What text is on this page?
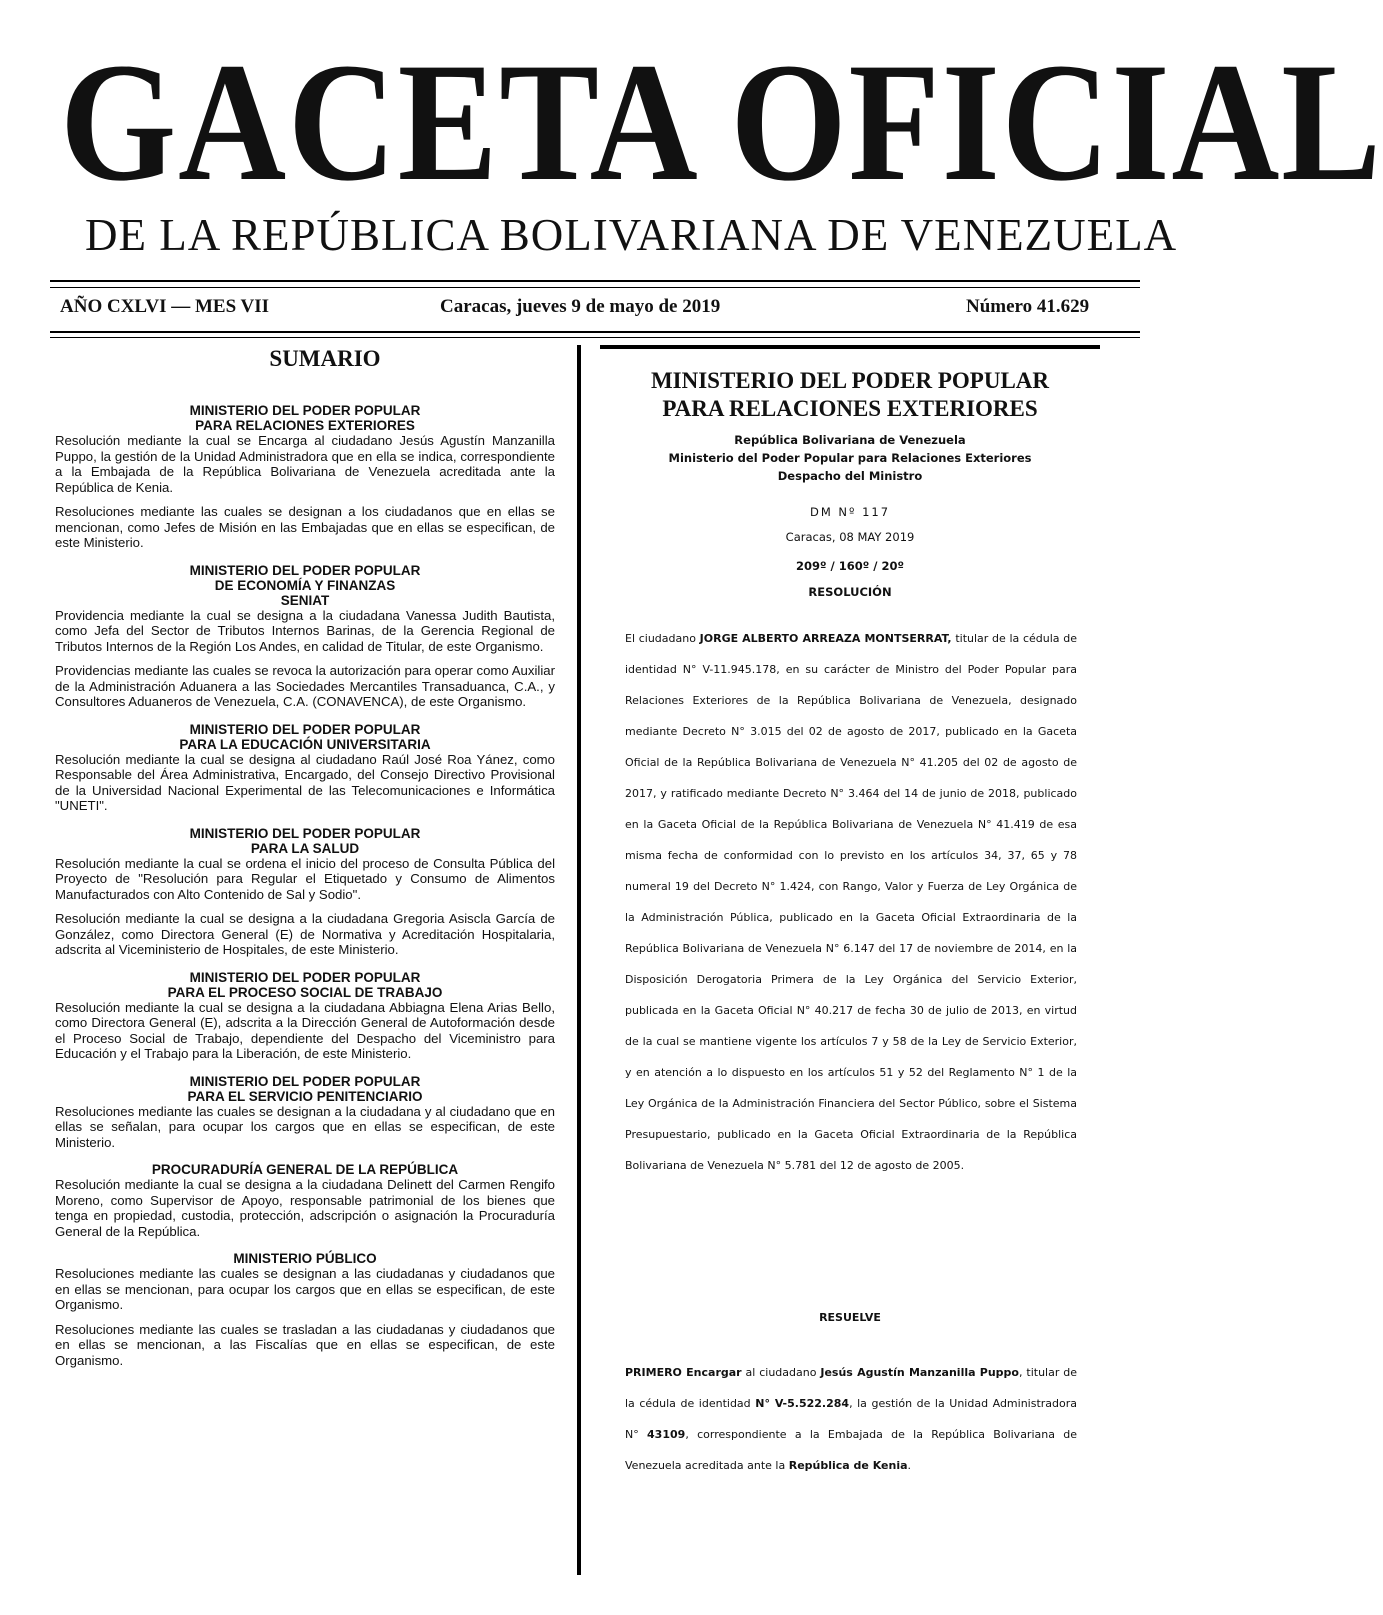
GACETA OFICIAL
DE LA REPÚBLICA BOLIVARIANA DE VENEZUELA
AÑO CXLVI — MES VII	Caracas, jueves 9 de mayo de 2019	Número 41.629
SUMARIO
MINISTERIO DEL PODER POPULAR
PARA RELACIONES EXTERIORES
Resolución mediante la cual se Encarga al ciudadano Jesús Agustín Manzanilla Puppo, la gestión de la Unidad Administradora que en ella se indica, correspondiente a la Embajada de la República Bolivariana de Venezuela acreditada ante la República de Kenia.
Resoluciones mediante las cuales se designan a los ciudadanos que en ellas se mencionan, como Jefes de Misión en las Embajadas que en ellas se especifican, de este Ministerio.
MINISTERIO DEL PODER POPULAR
DE ECONOMÍA Y FINANZAS
SENIAT
Providencia mediante la cual se designa a la ciudadana Vanessa Judith Bautista, como Jefa del Sector de Tributos Internos Barinas, de la Gerencia Regional de Tributos Internos de la Región Los Andes, en calidad de Titular, de este Organismo.
Providencias mediante las cuales se revoca la autorización para operar como Auxiliar de la Administración Aduanera a las Sociedades Mercantiles Transaduanca, C.A., y Consultores Aduaneros de Venezuela, C.A. (CONAVENCA), de este Organismo.
MINISTERIO DEL PODER POPULAR
PARA LA EDUCACIÓN UNIVERSITARIA
Resolución mediante la cual se designa al ciudadano Raúl José Roa Yánez, como Responsable del Área Administrativa, Encargado, del Consejo Directivo Provisional de la Universidad Nacional Experimental de las Telecomunicaciones e Informática "UNETI".
MINISTERIO DEL PODER POPULAR
PARA LA SALUD
Resolución mediante la cual se ordena el inicio del proceso de Consulta Pública del Proyecto de "Resolución para Regular el Etiquetado y Consumo de Alimentos Manufacturados con Alto Contenido de Sal y Sodio".
Resolución mediante la cual se designa a la ciudadana Gregoria Asiscla García de González, como Directora General (E) de Normativa y Acreditación Hospitalaria, adscrita al Viceministerio de Hospitales, de este Ministerio.
MINISTERIO DEL PODER POPULAR
PARA EL PROCESO SOCIAL DE TRABAJO
Resolución mediante la cual se designa a la ciudadana Abbiagna Elena Arias Bello, como Directora General (E), adscrita a la Dirección General de Autoformación desde el Proceso Social de Trabajo, dependiente del Despacho del Viceministro para Educación y el Trabajo para la Liberación, de este Ministerio.
MINISTERIO DEL PODER POPULAR
PARA EL SERVICIO PENITENCIARIO
Resoluciones mediante las cuales se designan a la ciudadana y al ciudadano que en ellas se señalan, para ocupar los cargos que en ellas se especifican, de este Ministerio.
PROCURADURÍA GENERAL DE LA REPÚBLICA
Resolución mediante la cual se designa a la ciudadana Delinett del Carmen Rengifo Moreno, como Supervisor de Apoyo, responsable patrimonial de los bienes que tenga en propiedad, custodia, protección, adscripción o asignación la Procuraduría General de la República.
MINISTERIO PÚBLICO
Resoluciones mediante las cuales se designan a las ciudadanas y ciudadanos que en ellas se mencionan, para ocupar los cargos que en ellas se especifican, de este Organismo.
Resoluciones mediante las cuales se trasladan a las ciudadanas y ciudadanos que en ellas se mencionan, a las Fiscalías que en ellas se especifican, de este Organismo.
MINISTERIO DEL PODER POPULAR
PARA RELACIONES EXTERIORES
República Bolivariana de Venezuela
Ministerio del Poder Popular para Relaciones Exteriores
Despacho del Ministro
DM Nº 117
Caracas, 08 MAY 2019
209º / 160º / 20º
RESOLUCIÓN
El ciudadano JORGE ALBERTO ARREAZA MONTSERRAT, titular de la cédula de identidad N° V-11.945.178, en su carácter de Ministro del Poder Popular para Relaciones Exteriores de la República Bolivariana de Venezuela, designado mediante Decreto N° 3.015 del 02 de agosto de 2017, publicado en la Gaceta Oficial de la República Bolivariana de Venezuela N° 41.205 del 02 de agosto de 2017, y ratificado mediante Decreto N° 3.464 del 14 de junio de 2018, publicado en la Gaceta Oficial de la República Bolivariana de Venezuela N° 41.419 de esa misma fecha de conformidad con lo previsto en los artículos 34, 37, 65 y 78 numeral 19 del Decreto N° 1.424, con Rango, Valor y Fuerza de Ley Orgánica de la Administración Pública, publicado en la Gaceta Oficial Extraordinaria de la República Bolivariana de Venezuela N° 6.147 del 17 de noviembre de 2014, en la Disposición Derogatoria Primera de la Ley Orgánica del Servicio Exterior, publicada en la Gaceta Oficial N° 40.217 de fecha 30 de julio de 2013, en virtud de la cual se mantiene vigente los artículos 7 y 58 de la Ley de Servicio Exterior, y en atención a lo dispuesto en los artículos 51 y 52 del Reglamento N° 1 de la Ley Orgánica de la Administración Financiera del Sector Público, sobre el Sistema Presupuestario, publicado en la Gaceta Oficial Extraordinaria de la República Bolivariana de Venezuela N° 5.781 del 12 de agosto de 2005.
RESUELVE
PRIMERO Encargar al ciudadano Jesús Agustín Manzanilla Puppo, titular de la cédula de identidad N° V-5.522.284, la gestión de la Unidad Administradora N° 43109, correspondiente a la Embajada de la República Bolivariana de Venezuela acreditada ante la República de Kenia.
